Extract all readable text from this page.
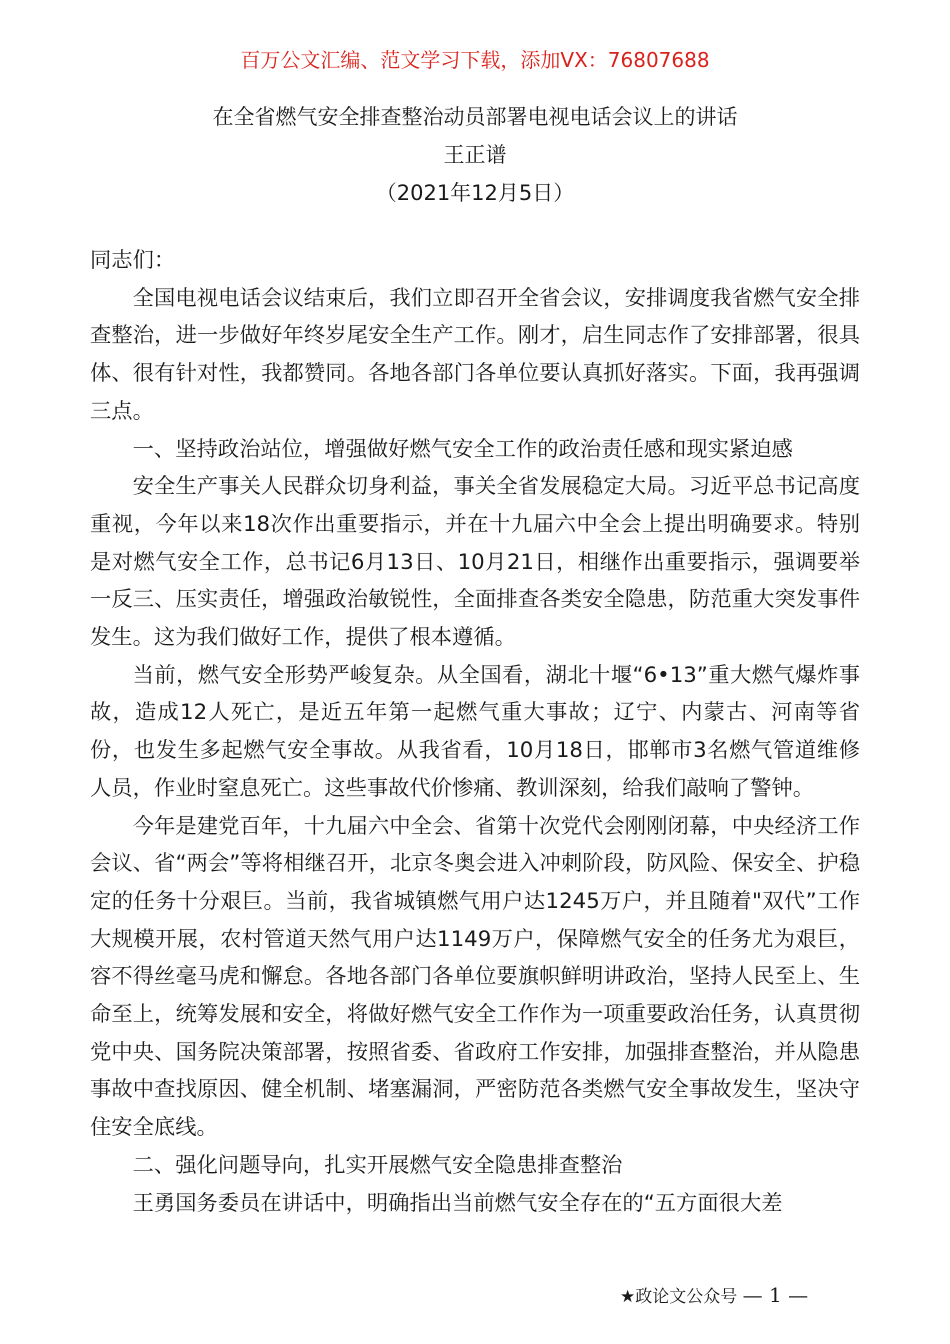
百万公文汇编、范文学习下载，添加VX：76807688
在全省燃气安全排查整治动员部署电视电话会议上的讲话
王正谱
（2021年12月5日）

同志们：

全国电视电话会议结束后，我们立即召开全省会议，安排调度我省燃气安全排查整治，进一步做好年终岁尾安全生产工作。刚才，启生同志作了安排部署，很具体、很有针对性，我都赞同。各地各部门各单位要认真抓好落实。下面，我再强调三点。

一、坚持政治站位，增强做好燃气安全工作的政治责任感和现实紧迫感

安全生产事关人民群众切身利益，事关全省发展稳定大局。习近平总书记高度重视，今年以来18次作出重要指示，并在十九届六中全会上提出明确要求。特别是对燃气安全工作，总书记6月13日、10月21日，相继作出重要指示，强调要举一反三、压实责任，增强政治敏锐性，全面排查各类安全隐患，防范重大突发事件发生。这为我们做好工作，提供了根本遵循。

当前，燃气安全形势严峻复杂。从全国看，湖北十堰“6•13”重大燃气爆炸事故，造成12人死亡，是近五年第一起燃气重大事故；辽宁、内蒙古、河南等省份，也发生多起燃气安全事故。从我省看，10月18日，邯郸市3名燃气管道维修人员，作业时窒息死亡。这些事故代价惨痛、教训深刻，给我们敲响了警钟。

今年是建党百年，十九届六中全会、省第十次党代会刚刚闭幕，中央经济工作会议、省“两会”等将相继召开，北京冬奥会进入冲刺阶段，防风险、保安全、护稳定的任务十分艰巨。当前，我省城镇燃气用户达1245万户，并且随着"双代”工作大规模开展，农村管道天然气用户达1149万户，保障燃气安全的任务尤为艰巨，容不得丝毫马虎和懈怠。各地各部门各单位要旗帜鲜明讲政治，坚持人民至上、生命至上，统筹发展和安全，将做好燃气安全工作作为一项重要政治任务，认真贯彻党中央、国务院决策部署，按照省委、省政府工作安排，加强排查整治，并从隐患事故中查找原因、健全机制、堵塞漏洞，严密防范各类燃气安全事故发生，坚决守住安全底线。

二、强化问题导向，扎实开展燃气安全隐患排查整治

王勇国务委员在讲话中，明确指出当前燃气安全存在的“五方面很大差

★政论文公众号 — 1 —
